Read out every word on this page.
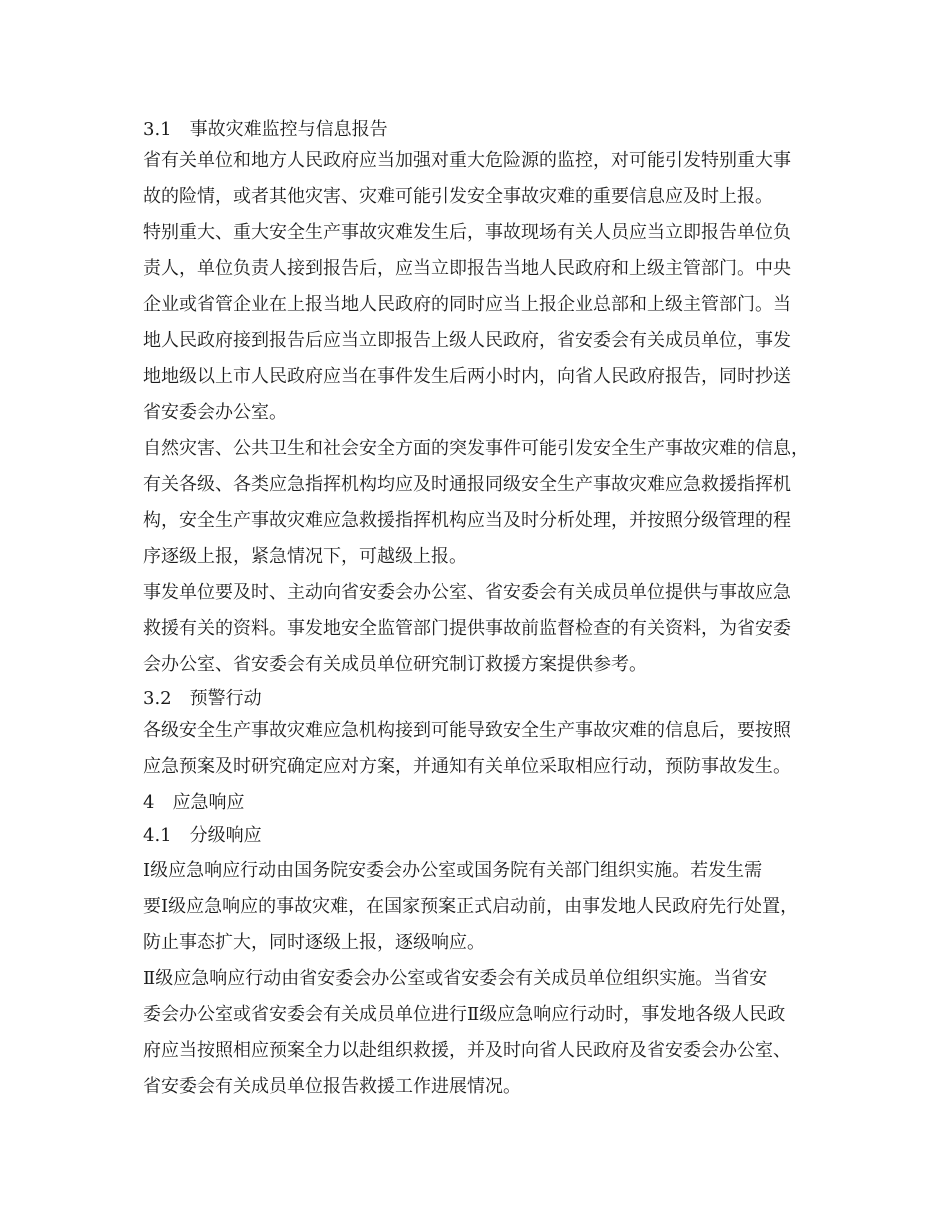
3.1　事故灾难监控与信息报告
省有关单位和地方人民政府应当加强对重大危险源的监控，对可能引发特别重大事
故的险情，或者其他灾害、灾难可能引发安全事故灾难的重要信息应及时上报。
特别重大、重大安全生产事故灾难发生后，事故现场有关人员应当立即报告单位负
责人，单位负责人接到报告后，应当立即报告当地人民政府和上级主管部门。中央
企业或省管企业在上报当地人民政府的同时应当上报企业总部和上级主管部门。当
地人民政府接到报告后应当立即报告上级人民政府，省安委会有关成员单位，事发
地地级以上市人民政府应当在事件发生后两小时内，向省人民政府报告，同时抄送
省安委会办公室。
自然灾害、公共卫生和社会安全方面的突发事件可能引发安全生产事故灾难的信息，
有关各级、各类应急指挥机构均应及时通报同级安全生产事故灾难应急救援指挥机
构，安全生产事故灾难应急救援指挥机构应当及时分析处理，并按照分级管理的程
序逐级上报，紧急情况下，可越级上报。
事发单位要及时、主动向省安委会办公室、省安委会有关成员单位提供与事故应急
救援有关的资料。事发地安全监管部门提供事故前监督检查的有关资料，为省安委
会办公室、省安委会有关成员单位研究制订救援方案提供参考。
3.2　预警行动
各级安全生产事故灾难应急机构接到可能导致安全生产事故灾难的信息后，要按照
应急预案及时研究确定应对方案，并通知有关单位采取相应行动，预防事故发生。
4　应急响应
4.1　分级响应
Ⅰ级应急响应行动由国务院安委会办公室或国务院有关部门组织实施。若发生需
要Ⅰ级应急响应的事故灾难，在国家预案正式启动前，由事发地人民政府先行处置，
防止事态扩大，同时逐级上报，逐级响应。
Ⅱ级应急响应行动由省安委会办公室或省安委会有关成员单位组织实施。当省安
委会办公室或省安委会有关成员单位进行Ⅱ级应急响应行动时，事发地各级人民政
府应当按照相应预案全力以赴组织救援，并及时向省人民政府及省安委会办公室、
省安委会有关成员单位报告救援工作进展情况。
